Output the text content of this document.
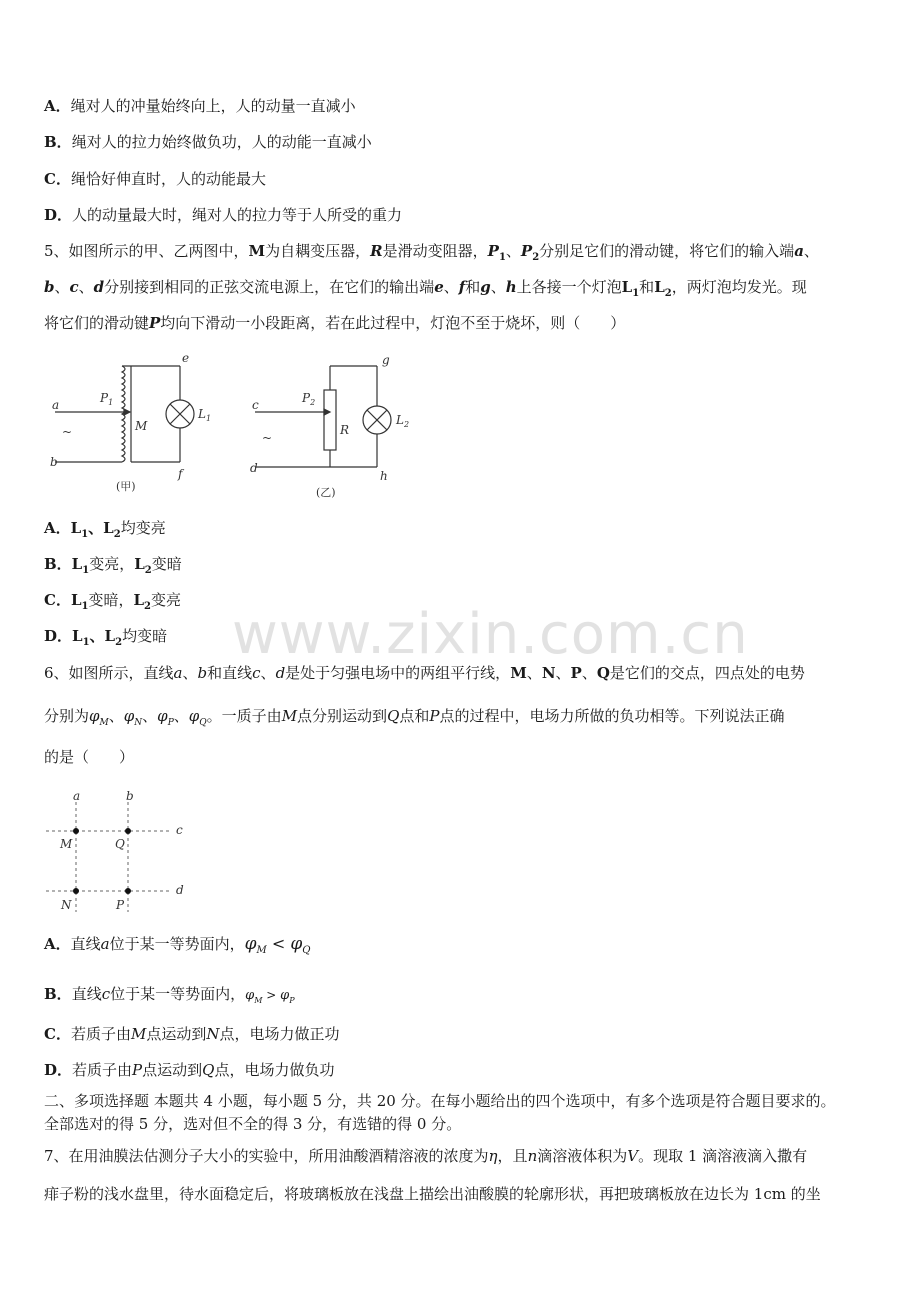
www.zixin.com.cn
A．绳对人的冲量始终向上，人的动量一直减小
B．绳对人的拉力始终做负功，人的动能一直减小
C．绳恰好伸直时，人的动能最大
D．人的动量最大时，绳对人的拉力等于人所受的重力
5、如图所示的甲、乙两图中，M为自耦变压器，R是滑动变阻器，$P_1$、$P_2$分别足它们的滑动键，将它们的输入端a、
b、c、d分别接到相同的正弦交流电源上，在它们的输出端e、f和g、h上各接一个灯泡$L_1$和$L_2$，两灯泡均发光。现
将它们的滑动键P均向下滑动一小段距离，若在此过程中，灯泡不至于烧坏，则（　　）
a
b
~
$P_1$
M
$L_1$
e
f
(甲)
c
d
~
$P_2$
R
$L_2$
g
h
(乙)
A．$L_1$、$L_2$均变亮
B．$L_1$变亮，$L_2$变暗
C．$L_1$变暗，$L_2$变亮
D．$L_1$、$L_2$均变暗
6、如图所示，直线a、b和直线c、d是处于匀强电场中的两组平行线，M、N、P、Q是它们的交点，四点处的电势
分别为$\varphi_M$、$\varphi_N$、$\varphi_P$、$\varphi_Q$。一质子由M点分别运动到Q点和P点的过程中，电场力所做的负功相等。下列说法正确
的是（　　）
a	b
c
d
M	Q
N	P
A．直线a位于某一等势面内，$\varphi_M < \varphi_Q$
B．直线c位于某一等势面内，$\varphi_M > \varphi_P$
C．若质子由M点运动到N点，电场力做正功
D．若质子由P点运动到Q点，电场力做负功
二、多项选择题 本题共 4 小题，每小题 5 分，共 20 分。在每小题给出的四个选项中，有多个选项是符合题目要求的。
全部选对的得 5 分，选对但不全的得 3 分，有选错的得 0 分。
7、在用油膜法估测分子大小的实验中，所用油酸酒精溶液的浓度为η，且n滴溶液体积为V。现取 1 滴溶液滴入撒有
痱子粉的浅水盘里，待水面稳定后，将玻璃板放在浅盘上描绘出油酸膜的轮廓形状，再把玻璃板放在边长为 1cm 的坐
